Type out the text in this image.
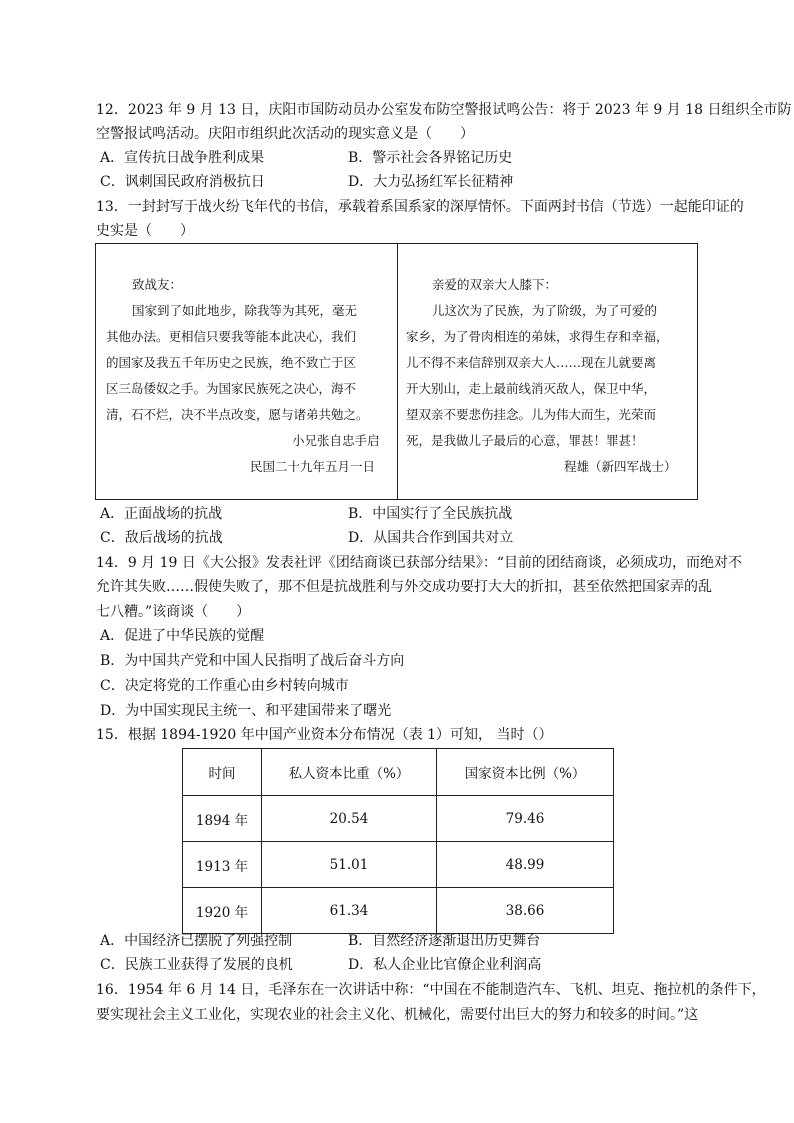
12．2023 年 9 月 13 日，庆阳市国防动员办公室发布防空警报试鸣公告：将于 2023 年 9 月 18 日组织全市防
空警报试鸣活动。庆阳市组织此次活动的现实意义是（　　）
A．宣传抗日战争胜利成果	B．警示社会各界铭记历史
C．讽刺国民政府消极抗日	D．大力弘扬红军长征精神
13．一封封写于战火纷飞年代的书信，承载着系国系家的深厚情怀。下面两封书信（节选）一起能印证的
致战友：
国家到了如此地步，除我等为其死，毫无
其他办法。更相信只要我等能本此决心，我们
的国家及我五千年历史之民族，绝不致亡于区
区三岛倭奴之手。为国家民族死之决心，海不
清，石不烂，决不半点改变，愿与诸弟共勉之。
小兄张自忠手启
民国二十九年五月一日
亲爱的双亲大人膝下：
儿这次为了民族，为了阶级，为了可爱的
家乡，为了骨肉相连的弟妹，求得生存和幸福，
儿不得不来信辞别双亲大人……现在儿就要离
开大别山，走上最前线消灭敌人，保卫中华，
望双亲不要悲伤挂念。儿为伟大而生，光荣而
死，是我做儿子最后的心意，罪甚！罪甚！
程雄（新四军战士）
A．正面战场的抗战	B．中国实行了全民族抗战
C．敌后战场的抗战	D．从国共合作到国共对立
14．9 月 19 日《大公报》发表社评《团结商谈已获部分结果》：“目前的团结商谈，必须成功，而绝对不
允许其失败……假使失败了，那不但是抗战胜利与外交成功要打大大的折扣，甚至依然把国家弄的乱
七八糟。”该商谈（　　）
A．促进了中华民族的觉醒
B．为中国共产党和中国人民指明了战后奋斗方向
C．决定将党的工作重心由乡村转向城市
D．为中国实现民主统一、和平建国带来了曙光
15．根据 1894-1920 年中国产业资本分布情况（表 1）可知， 当时（）
时间	私人资本比重（%）	国家资本比例（%）
1894 年	20.54	79.46
1913 年	51.01	48.99
1920 年	61.34	38.66
A．中国经济已摆脱了列强控制	B．自然经济逐渐退出历史舞台
C．民族工业获得了发展的良机	D．私人企业比官僚企业利润高
16．1954 年 6 月 14 日，毛泽东在一次讲话中称：“中国在不能制造汽车、飞机、坦克、拖拉机的条件下，
要实现社会主义工业化，实现农业的社会主义化、机械化，需要付出巨大的努力和较多的时间。”这
史实是（　　）
